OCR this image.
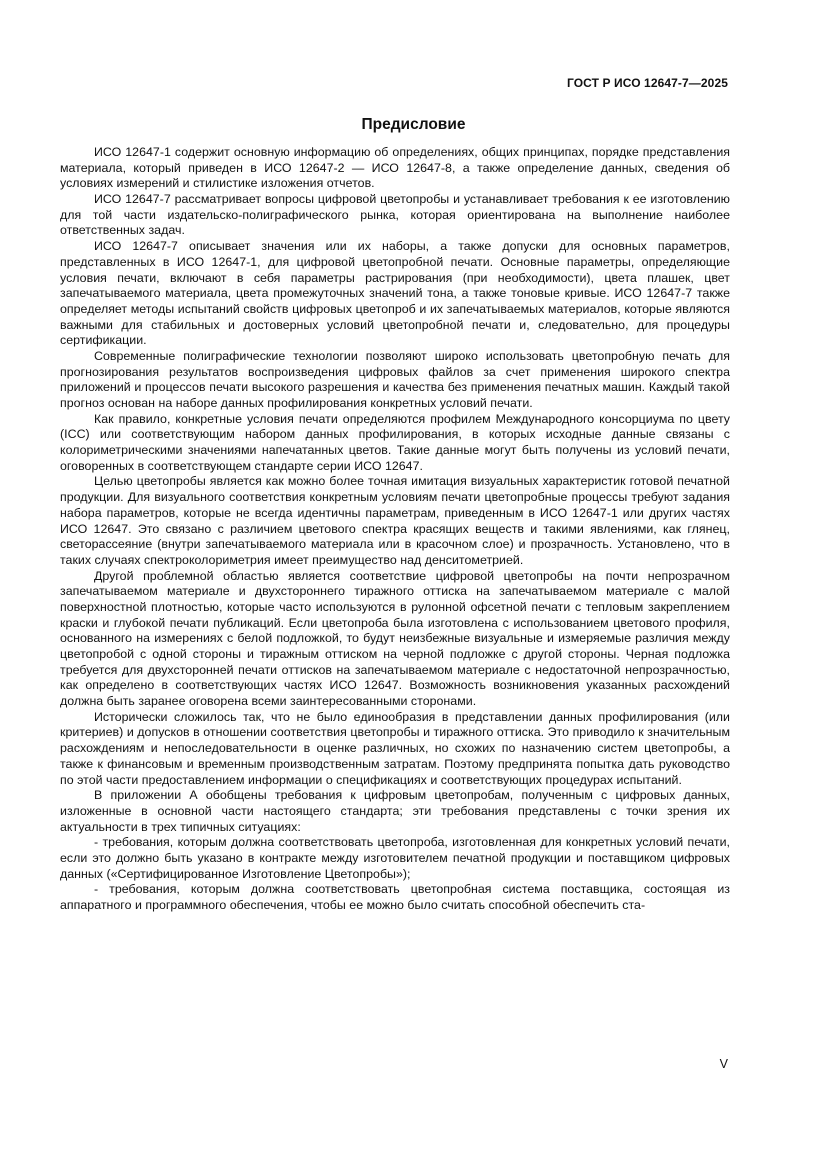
ГОСТ Р ИСО 12647-7—2025
Предисловие

ИСО 12647-1 содержит основную информацию об определениях, общих принципах, порядке представления материала, который приведен в ИСО 12647-2 — ИСО 12647-8, а также определение данных, сведения об условиях измерений и стилистике изложения отчетов.

ИСО 12647-7 рассматривает вопросы цифровой цветопробы и устанавливает требования к ее изготовлению для той части издательско-полиграфического рынка, которая ориентирована на выполнение наиболее ответственных задач.

ИСО 12647-7 описывает значения или их наборы, а также допуски для основных параметров, представленных в ИСО 12647-1, для цифровой цветопробной печати. Основные параметры, определяющие условия печати, включают в себя параметры растрирования (при необходимости), цвета плашек, цвет запечатываемого материала, цвета промежуточных значений тона, а также тоновые кривые. ИСО 12647-7 также определяет методы испытаний свойств цифровых цветопроб и их запечатываемых материалов, которые являются важными для стабильных и достоверных условий цветопробной печати и, следовательно, для процедуры сертификации.

Современные полиграфические технологии позволяют широко использовать цветопробную печать для прогнозирования результатов воспроизведения цифровых файлов за счет применения широкого спектра приложений и процессов печати высокого разрешения и качества без применения печатных машин. Каждый такой прогноз основан на наборе данных профилирования конкретных условий печати.

Как правило, конкретные условия печати определяются профилем Международного консорциума по цвету (ICC) или соответствующим набором данных профилирования, в которых исходные данные связаны с колориметрическими значениями напечатанных цветов. Такие данные могут быть получены из условий печати, оговоренных в соответствующем стандарте серии ИСО 12647.

Целью цветопробы является как можно более точная имитация визуальных характеристик готовой печатной продукции. Для визуального соответствия конкретным условиям печати цветопробные процессы требуют задания набора параметров, которые не всегда идентичны параметрам, приведенным в ИСО 12647-1 или других частях ИСО 12647. Это связано с различием цветового спектра красящих веществ и такими явлениями, как глянец, светорассеяние (внутри запечатываемого материала или в красочном слое) и прозрачность. Установлено, что в таких случаях спектроколориметрия имеет преимущество над денситометрией.

Другой проблемной областью является соответствие цифровой цветопробы на почти непрозрачном запечатываемом материале и двухстороннего тиражного оттиска на запечатываемом материале с малой поверхностной плотностью, которые часто используются в рулонной офсетной печати с тепловым закреплением краски и глубокой печати публикаций. Если цветопроба была изготовлена с использованием цветового профиля, основанного на измерениях с белой подложкой, то будут неизбежные визуальные и измеряемые различия между цветопробой с одной стороны и тиражным оттиском на черной подложке с другой стороны. Черная подложка требуется для двухсторонней печати оттисков на запечатываемом материале с недостаточной непрозрачностью, как определено в соответствующих частях ИСО 12647. Возможность возникновения указанных расхождений должна быть заранее оговорена всеми заинтересованными сторонами.

Исторически сложилось так, что не было единообразия в представлении данных профилирования (или критериев) и допусков в отношении соответствия цветопробы и тиражного оттиска. Это приводило к значительным расхождениям и непоследовательности в оценке различных, но схожих по назначению систем цветопробы, а также к финансовым и временным производственным затратам. Поэтому предпринята попытка дать руководство по этой части предоставлением информации о спецификациях и соответствующих процедурах испытаний.

В приложении А обобщены требования к цифровым цветопробам, полученным с цифровых данных, изложенные в основной части настоящего стандарта; эти требования представлены с точки зрения их актуальности в трех типичных ситуациях:

- требования, которым должна соответствовать цветопроба, изготовленная для конкретных условий печати, если это должно быть указано в контракте между изготовителем печатной продукции и поставщиком цифровых данных («Сертифицированное Изготовление Цветопробы»);

- требования, которым должна соответствовать цветопробная система поставщика, состоящая из аппаратного и программного обеспечения, чтобы ее можно было считать способной обеспечить ста-

V
